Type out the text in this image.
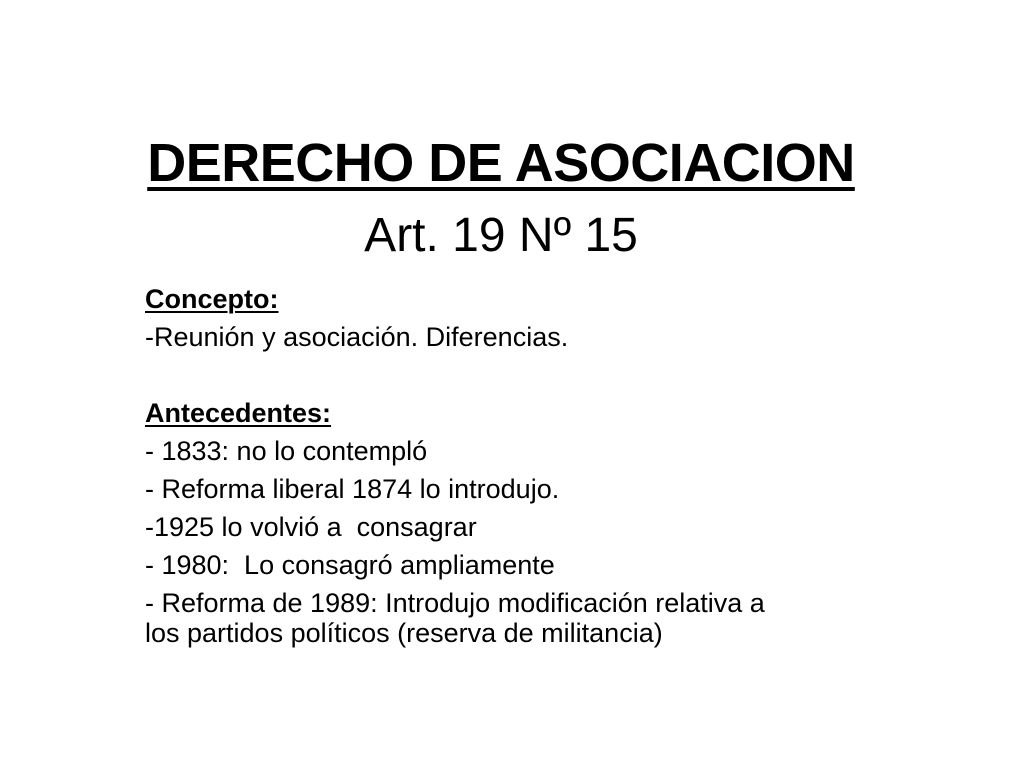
DERECHO DE ASOCIACION
Art. 19 Nº 15
Concepto:
-Reunión y asociación. Diferencias.
Antecedentes:
- 1833: no lo contempló
- Reforma liberal 1874 lo introdujo.
-1925 lo volvió a  consagrar
- 1980:  Lo consagró ampliamente
- Reforma de 1989: Introdujo modificación relativa a los partidos políticos (reserva de militancia)
